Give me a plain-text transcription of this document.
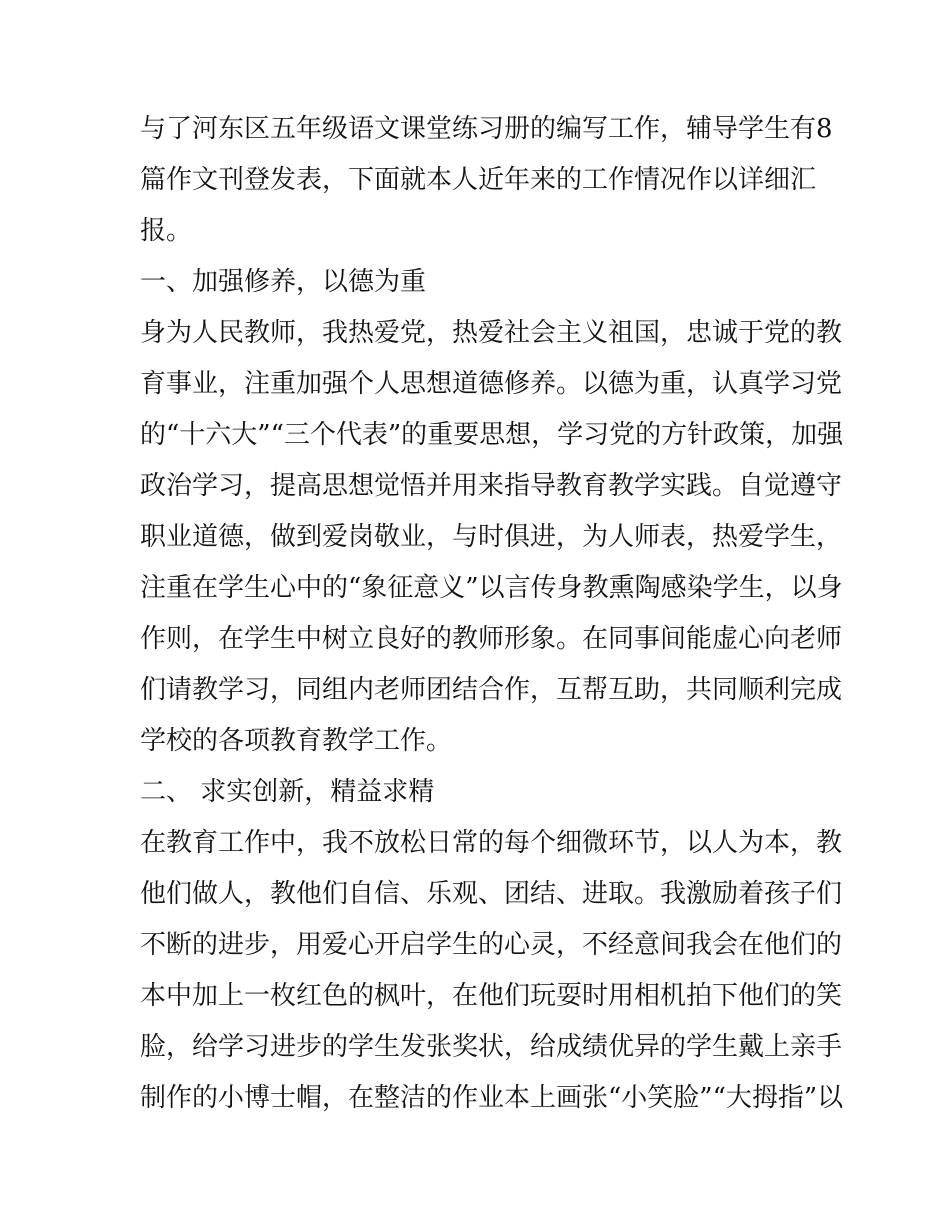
与了河东区五年级语文课堂练习册的编写工作，辅导学生有8

篇作文刊登发表，下面就本人近年来的工作情况作以详细汇

报。

一、加强修养，以德为重

身为人民教师，我热爱党，热爱社会主义祖国，忠诚于党的教

育事业，注重加强个人思想道德修养。以德为重，认真学习党

的“十六大”“三个代表”的重要思想，学习党的方针政策，加强

政治学习，提高思想觉悟并用来指导教育教学实践。自觉遵守

职业道德，做到爱岗敬业，与时俱进，为人师表，热爱学生，

注重在学生心中的“象征意义”以言传身教熏陶感染学生，以身

作则，在学生中树立良好的教师形象。在同事间能虚心向老师

们请教学习，同组内老师团结合作，互帮互助，共同顺利完成

学校的各项教育教学工作。

二、 求实创新，精益求精

在教育工作中，我不放松日常的每个细微环节，以人为本，教

他们做人，教他们自信、乐观、团结、进取。我激励着孩子们

不断的进步，用爱心开启学生的心灵，不经意间我会在他们的

本中加上一枚红色的枫叶，在他们玩耍时用相机拍下他们的笑

脸，给学习进步的学生发张奖状，给成绩优异的学生戴上亲手

制作的小博士帽，在整洁的作业本上画张“小笑脸”“大拇指”以
